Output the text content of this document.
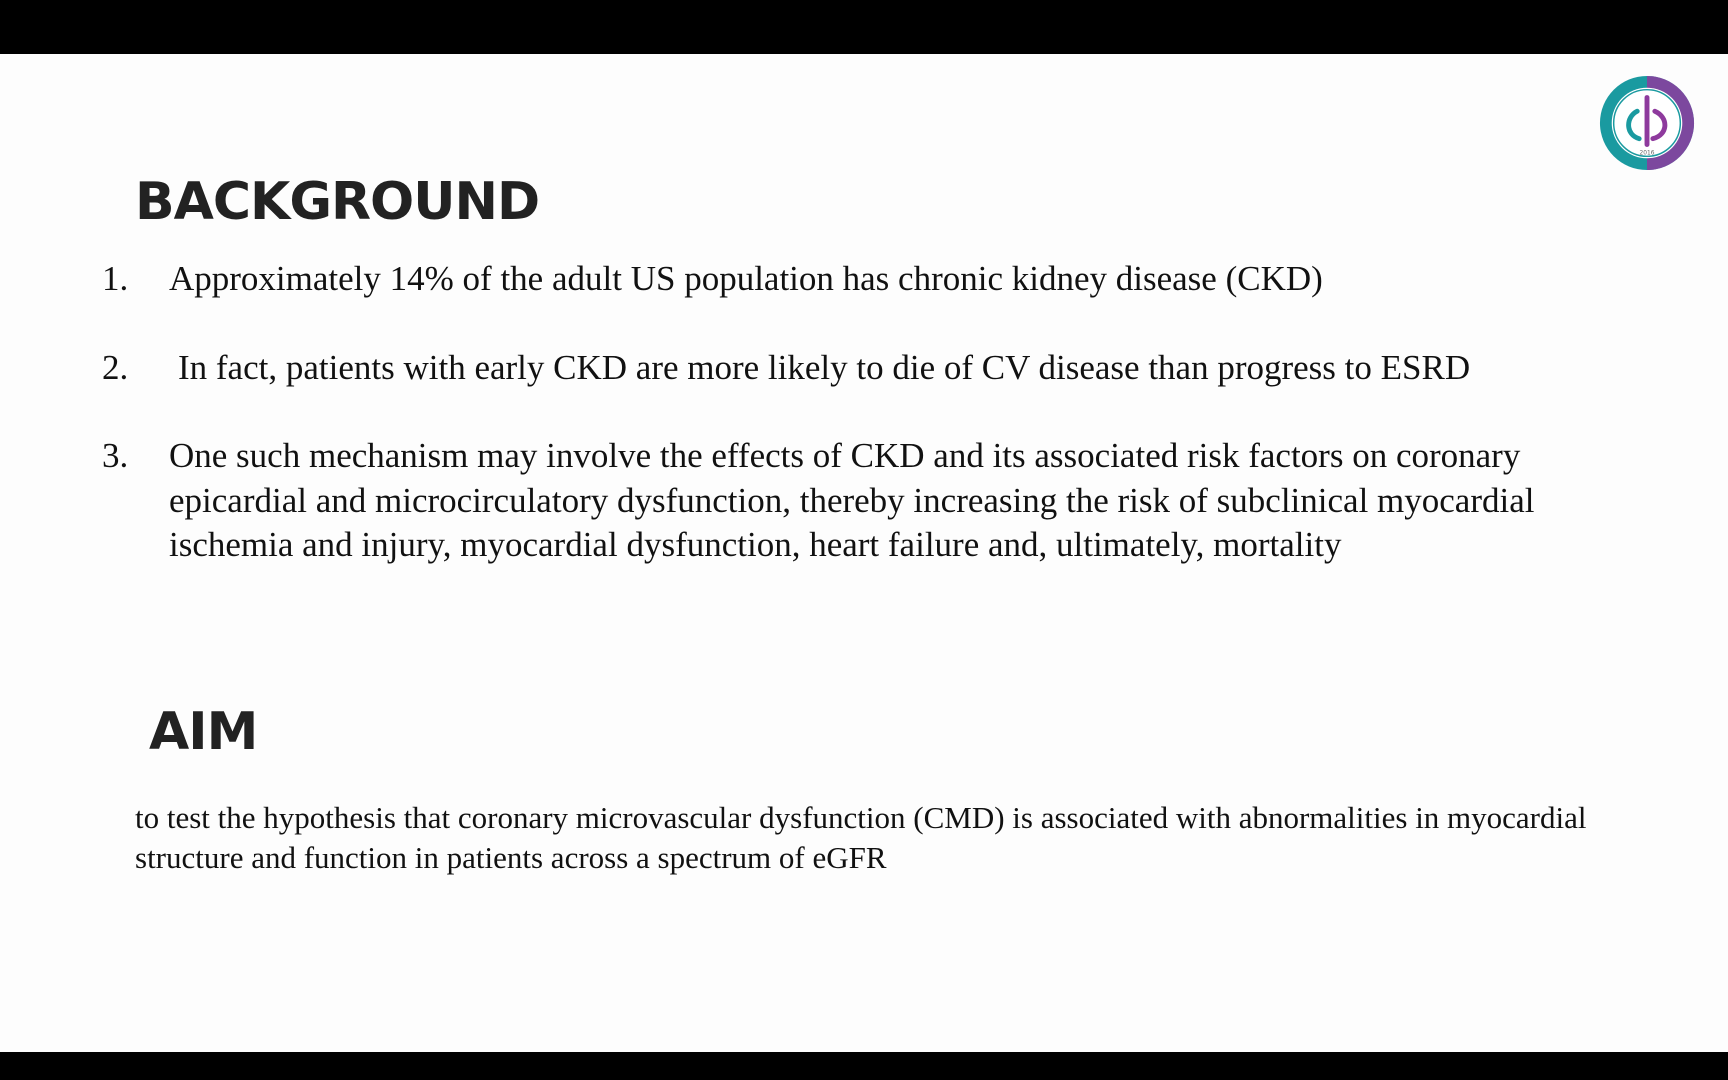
2016
BACKGROUND
1. Approximately 14% of the adult US population has chronic kidney disease (CKD)
2. In fact, patients with early CKD are more likely to die of CV disease than progress to ESRD
3. One such mechanism may involve the effects of CKD and its associated risk factors on coronary epicardial and microcirculatory dysfunction, thereby increasing the risk of subclinical myocardial ischemia and injury, myocardial dysfunction, heart failure and, ultimately, mortality
AIM

to test the hypothesis that coronary microvascular dysfunction (CMD) is associated with abnormalities in myocardial structure and function in patients across a spectrum of eGFR
